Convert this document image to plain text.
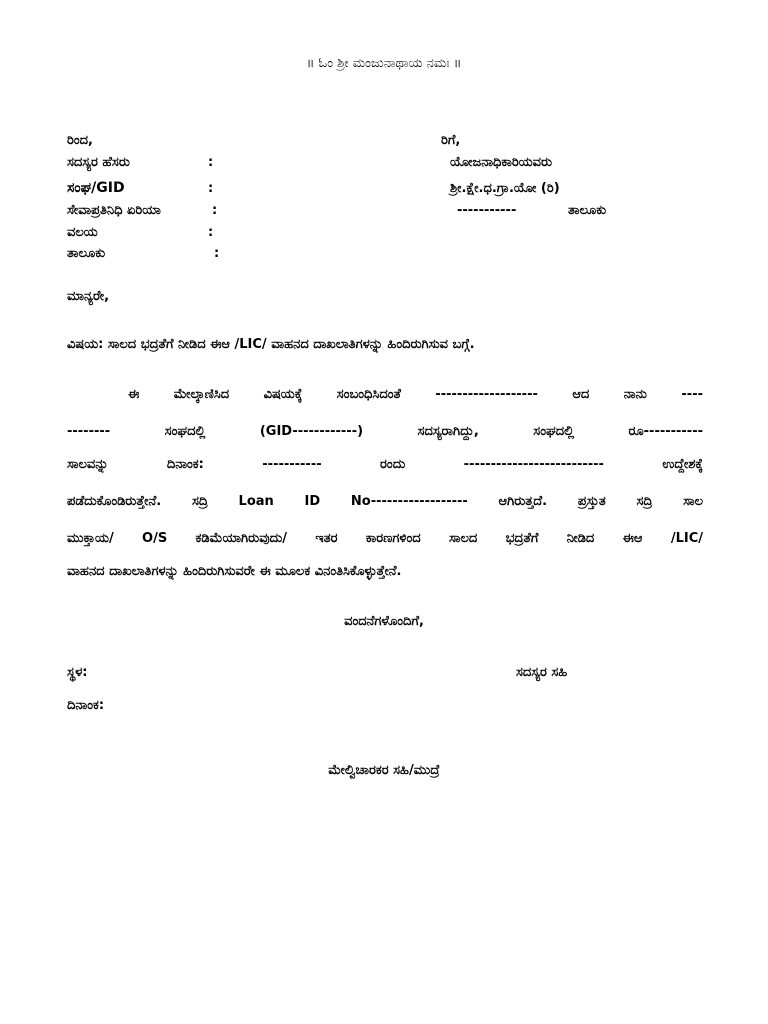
॥ ಓಂ ಶ್ರೀ ಮಂಜುನಾಥಾಯ ನಮಃ ॥
ರಿಂದ,
ಸದಸ್ಯರ ಹೆಸರು	:
ಸಂಘ/GID	:
ಸೇವಾಪ್ರತಿನಿಧಿ ಏರಿಯಾ	:
ವಲಯ	:
ತಾಲೂಕು	:
ರಿಗೆ,
ಯೋಜನಾಧಿಕಾರಿಯವರು
ಶ್ರೀ.ಕ್ಷೇ.ಧ.ಗ್ರಾ.ಯೋ (ರಿ)
-----------	ತಾಲೂಕು
ಮಾನ್ಯರೇ,
ವಿಷಯ: ಸಾಲದ ಭದ್ರತೆಗೆ ನೀಡಿದ ಈಆ /LIC/ ವಾಹನದ ದಾಖಲಾತಿಗಳನ್ನು ಹಿಂದಿರುಗಿಸುವ ಬಗ್ಗೆ.
ಈ ಮೇಲ್ಕಾಣಿಸಿದ ವಿಷಯಕ್ಕೆ ಸಂಬಂಧಿಸಿದಂತೆ ------------------- ಆದ ನಾನು ----
-------- ಸಂಘದಲ್ಲಿ (GID------------) ಸದಸ್ಯರಾಗಿದ್ದು, ಸಂಘದಲ್ಲಿ ರೂ-----------
ಸಾಲವನ್ನು ದಿನಾಂಕ: ----------- ರಂದು -------------------------- ಉದ್ದೇಶಕ್ಕೆ
ಪಡೆದುಕೊಂಡಿರುತ್ತೇನೆ. ಸದ್ರಿ Loan ID No------------------ ಆಗಿರುತ್ತದೆ. ಪ್ರಸ್ತುತ ಸದ್ರಿ ಸಾಲ
ಮುಕ್ತಾಯ/ O/S ಕಡಿಮೆಯಾಗಿರುವುದು/ ಇತರ ಕಾರಣಗಳಿಂದ ಸಾಲದ ಭದ್ರತೆಗೆ ನೀಡಿದ ಈಆ /LIC/
ವಾಹನದ ದಾಖಲಾತಿಗಳನ್ನು ಹಿಂದಿರುಗಿಸುವರೇ ಈ ಮೂಲಕ ವಿನಂತಿಸಿಕೊಳ್ಳುತ್ತೇನೆ.
ವಂದನೆಗಳೊಂದಿಗೆ,
ಸ್ಥಳ:	ಸದಸ್ಯರ ಸಹಿ
ದಿನಾಂಕ:
ಮೇಲ್ವಿಚಾರಕರ ಸಹಿ/ಮುದ್ರೆ
